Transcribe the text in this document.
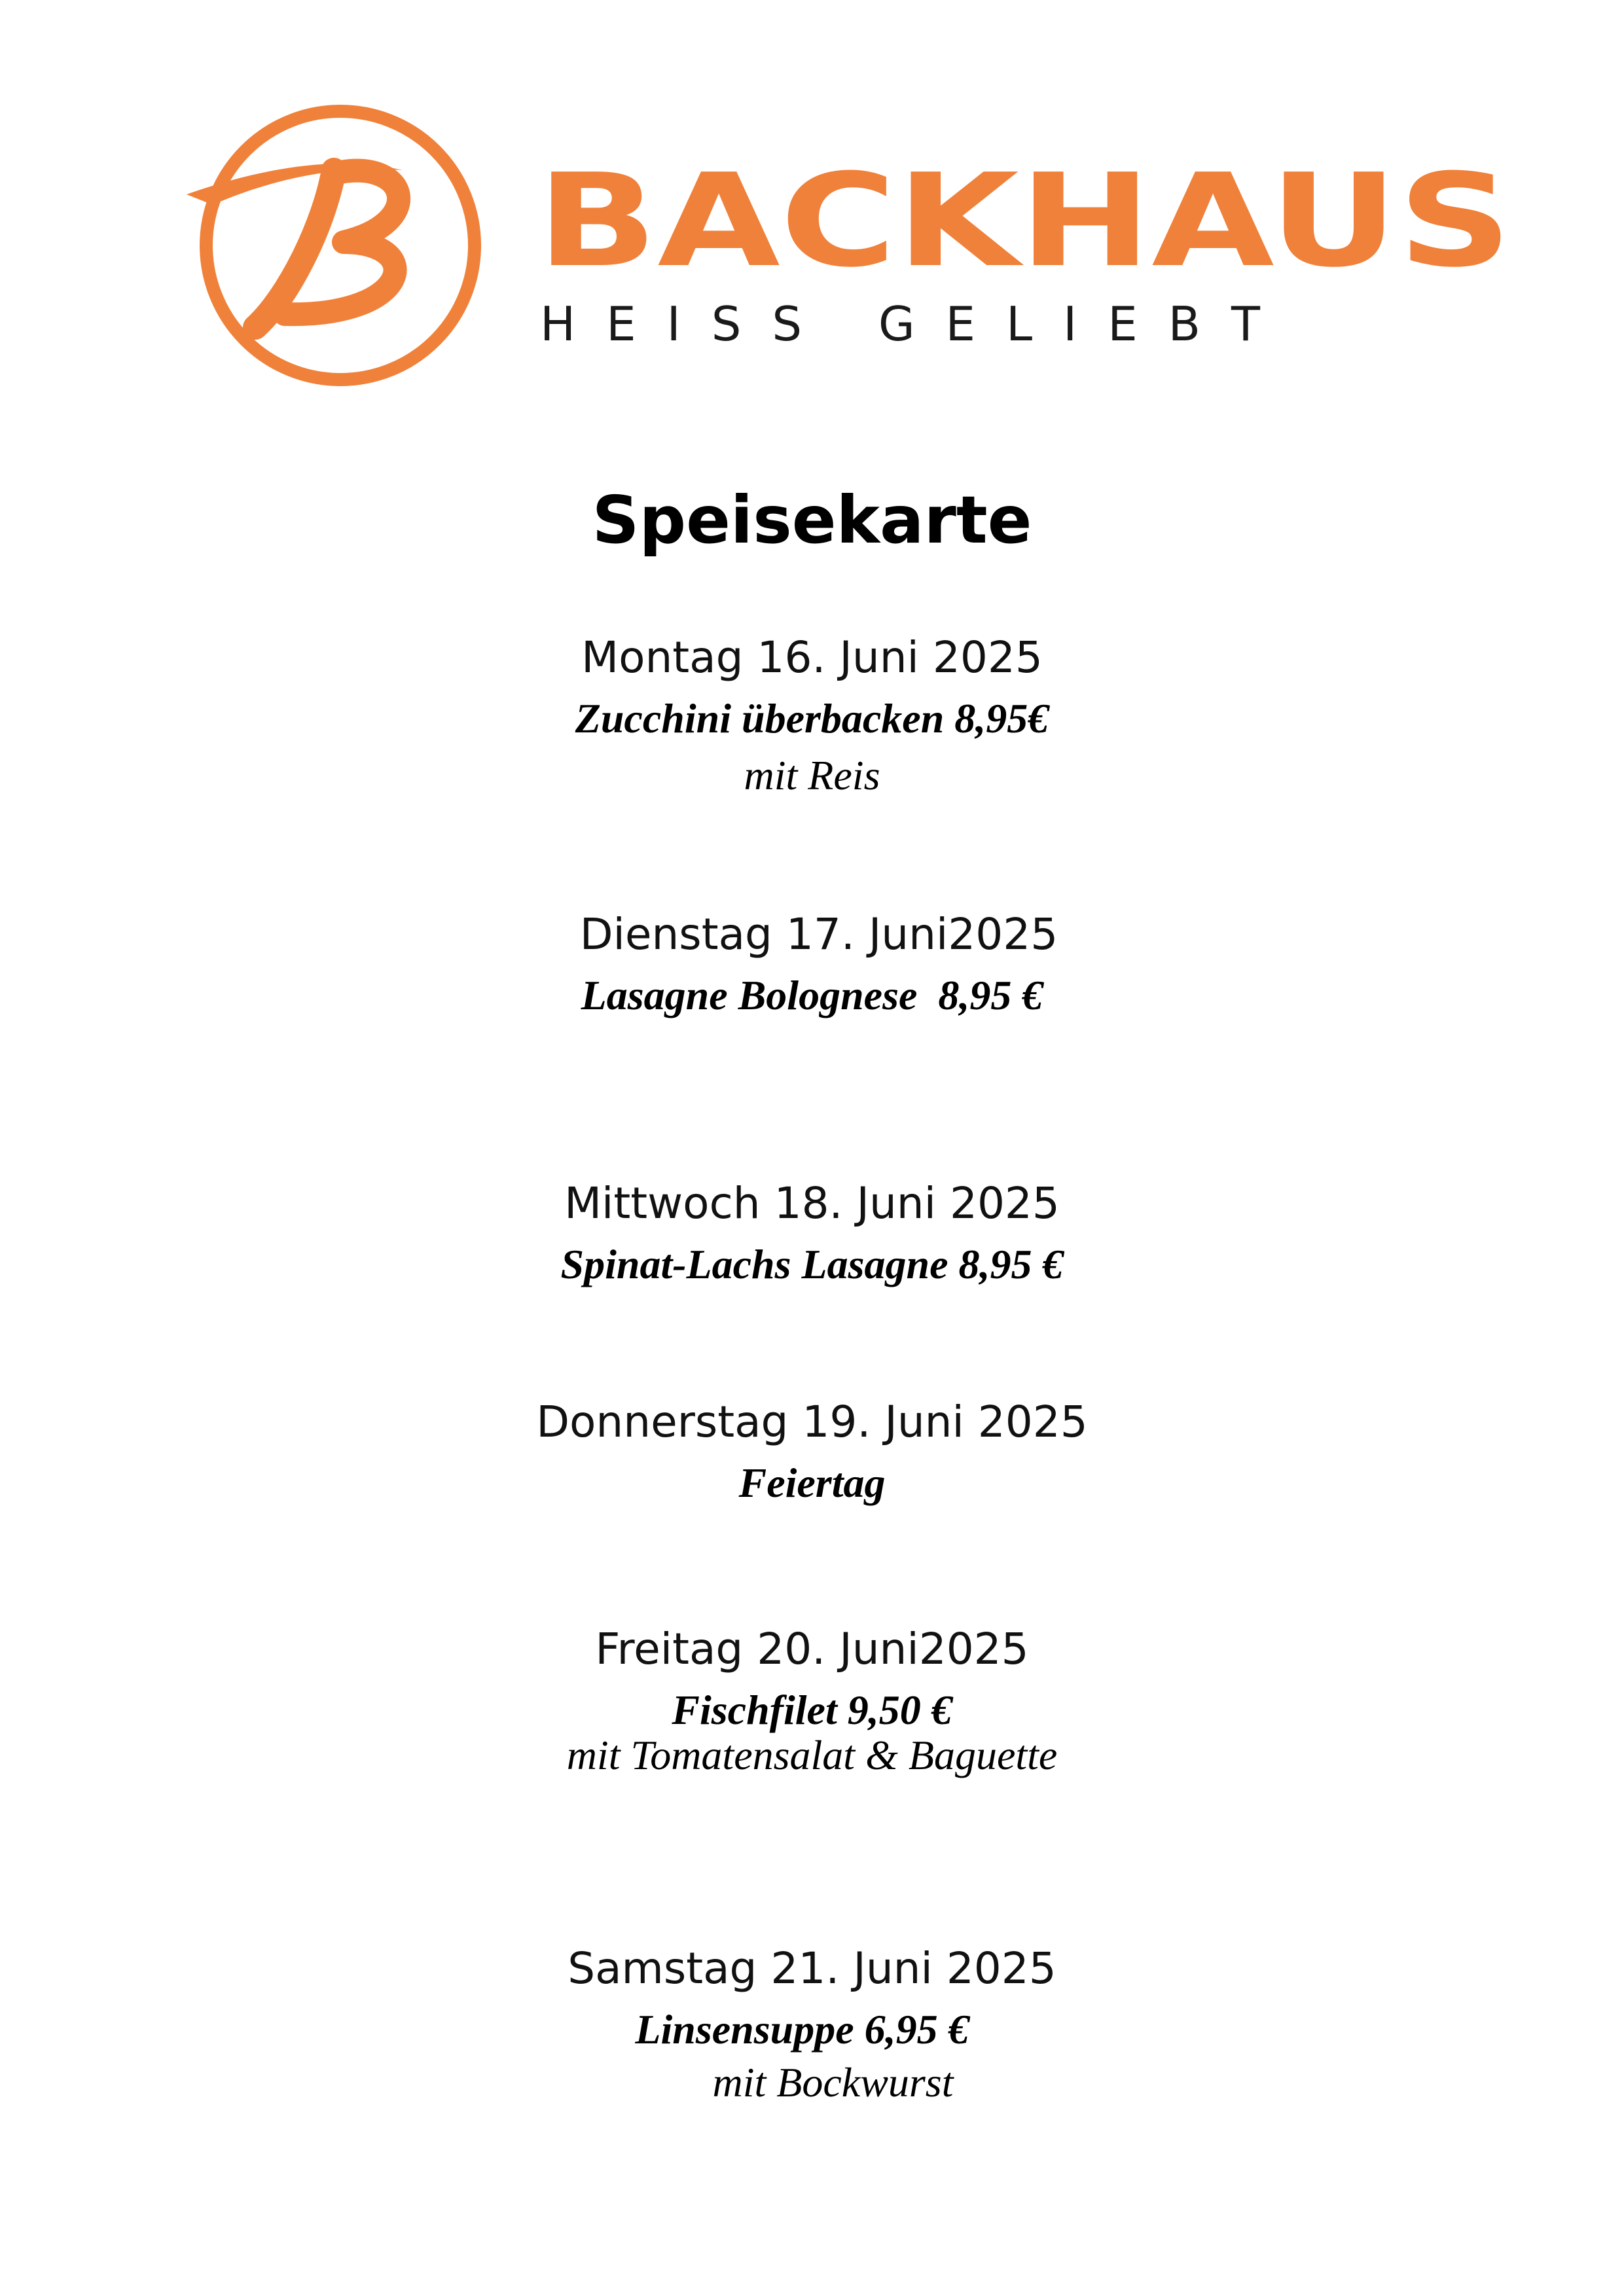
BACKHAUS
HEISS GELIEBT
Speisekarte
Montag 16. Juni 2025
Zucchini überbacken 8,95€
mit Reis
Dienstag 17. Juni2025
Lasagne Bolognese  8,95 €
Mittwoch 18. Juni 2025
Spinat-Lachs Lasagne 8,95 €
Donnerstag 19. Juni 2025
Feiertag
Freitag 20. Juni2025
Fischfilet 9,50 €
mit Tomatensalat & Baguette
Samstag 21. Juni 2025
Linsensuppe 6,95 €
mit Bockwurst
